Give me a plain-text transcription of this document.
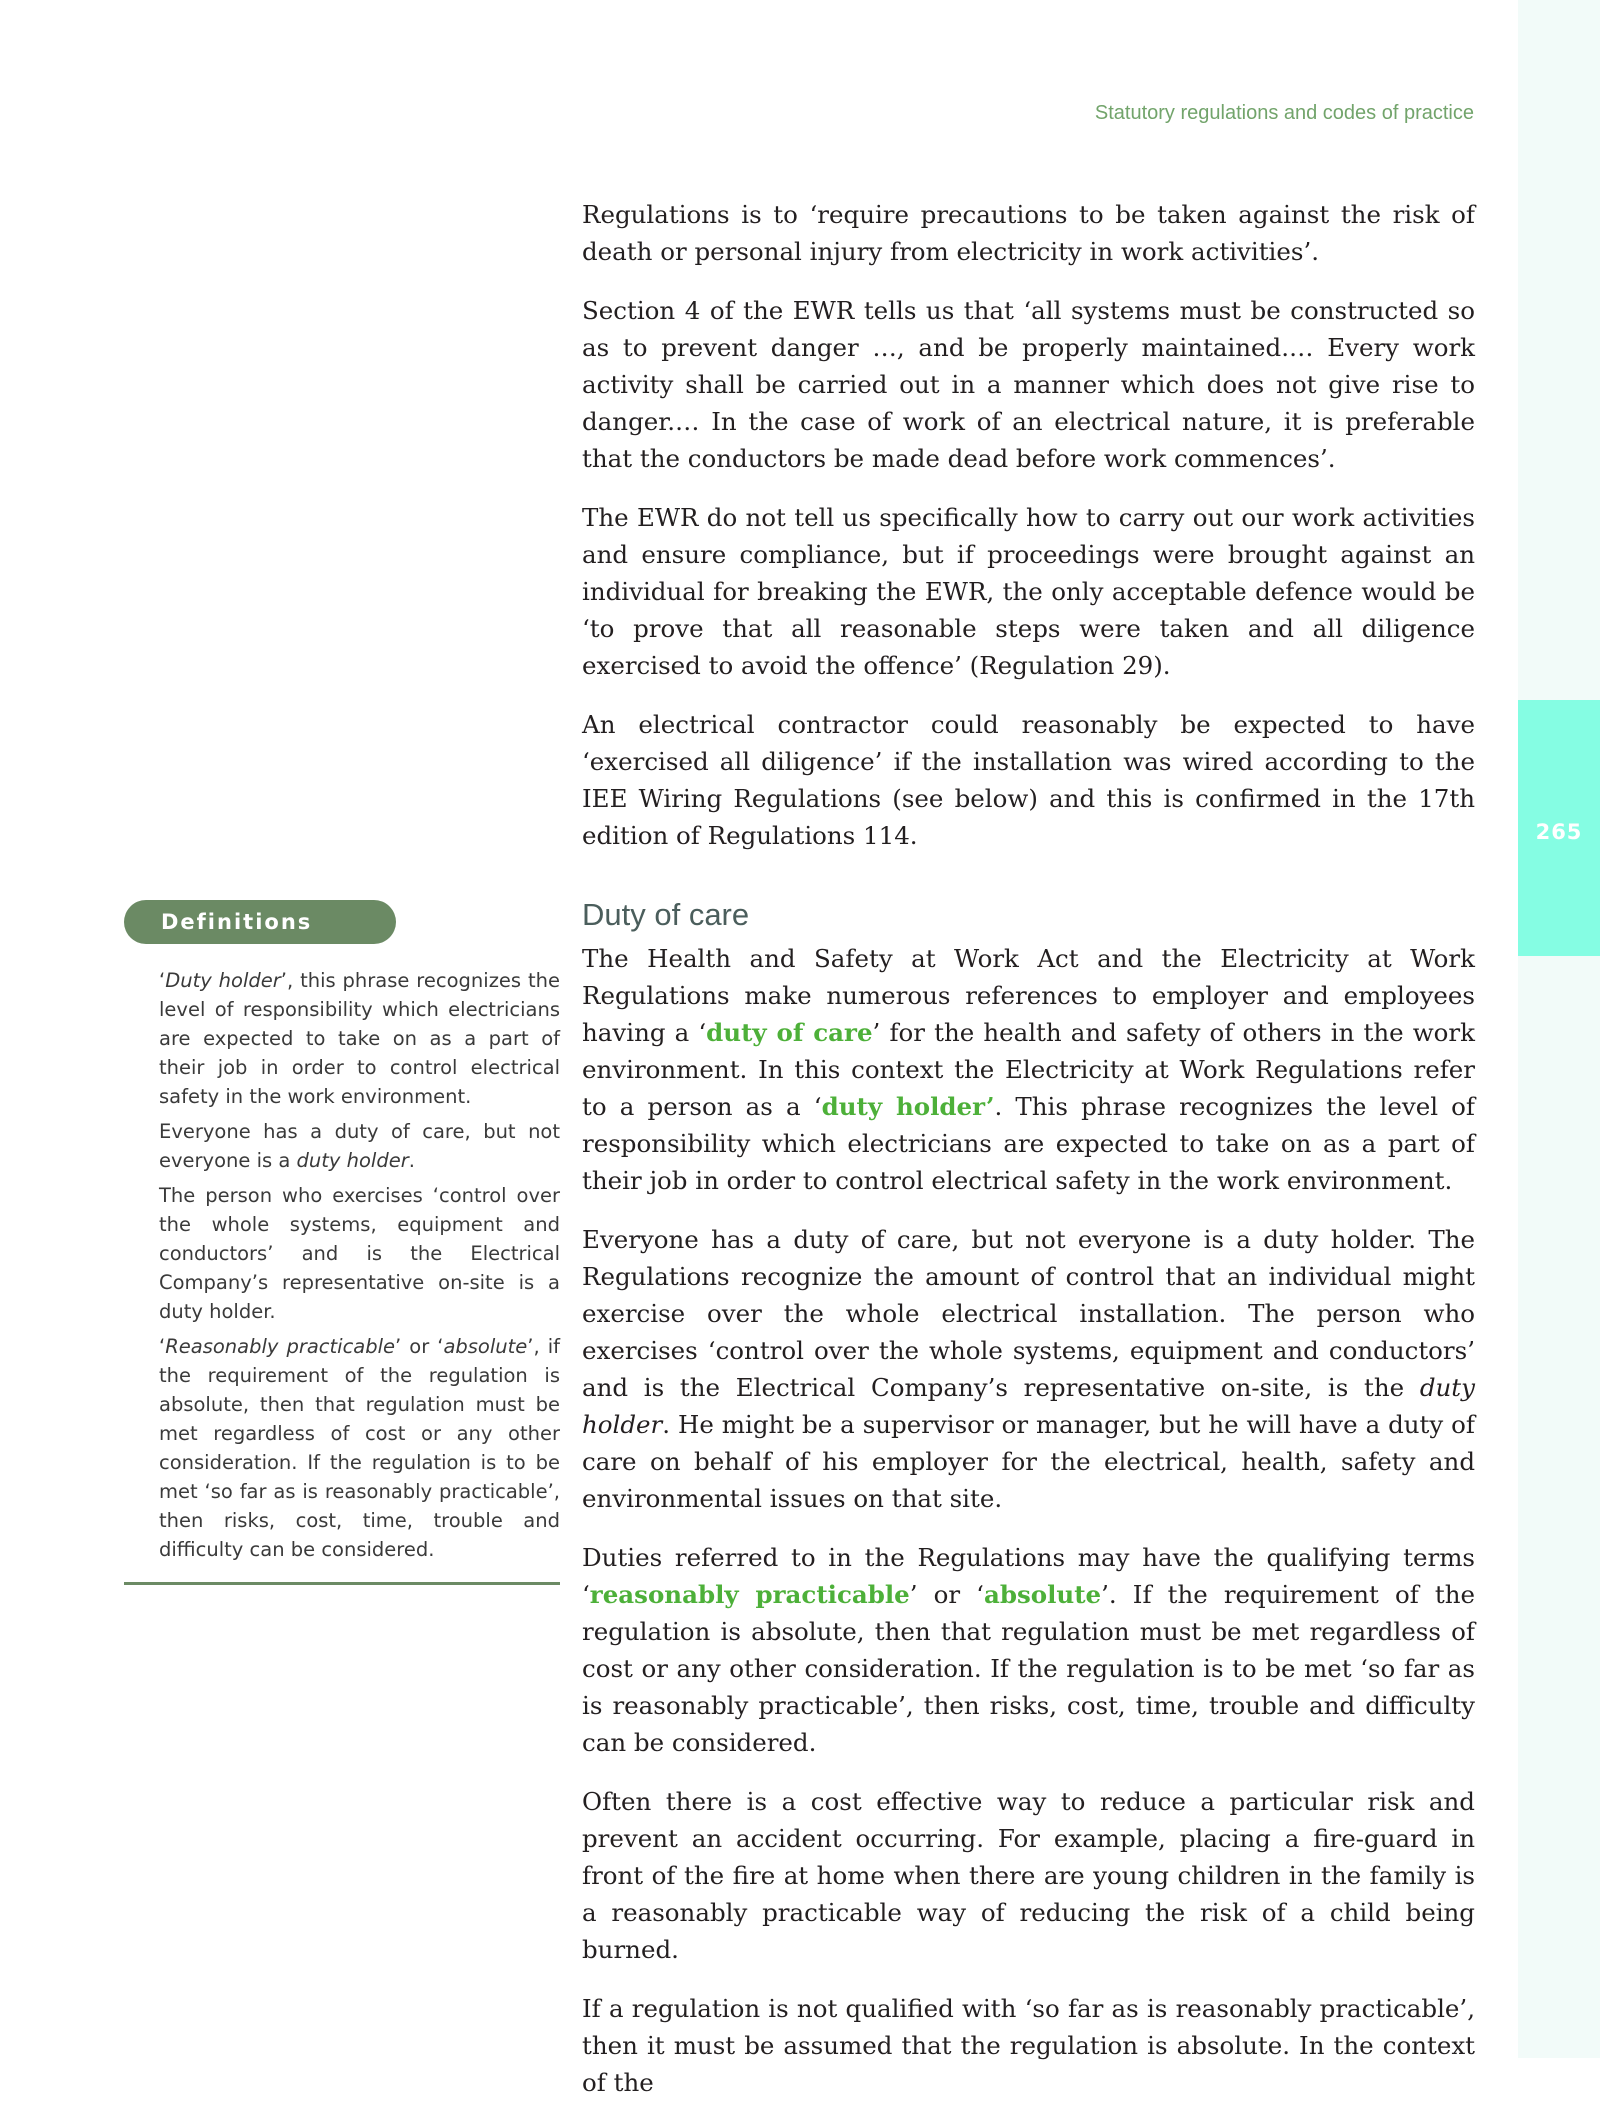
265
Statutory regulations and codes of practice

Regulations is to ‘require precautions to be taken against the risk of death or personal injury from electricity in work activities’.

Section 4 of the EWR tells us that ‘all systems must be constructed so as to prevent danger …, and be properly maintained.… Every work activity shall be carried out in a manner which does not give rise to danger.… In the case of work of an electrical nature, it is preferable that the conductors be made dead before work commences’.

The EWR do not tell us specifically how to carry out our work activities and ensure compliance, but if proceedings were brought against an individual for breaking the EWR, the only acceptable defence would be ‘to prove that all reasonable steps were taken and all diligence exercised to avoid the offence’ (Regulation 29).

An electrical contractor could reasonably be expected to have ‘exercised all diligence’ if the installation was wired according to the IEE Wiring Regulations (see below) and this is confirmed in the 17th edition of Regulations 114.

Duty of care

The Health and Safety at Work Act and the Electricity at Work Regulations make numerous references to employer and employees having a ‘duty of care’ for the health and safety of others in the work environment. In this context the Electricity at Work Regulations refer to a person as a ‘duty holder’. This phrase recognizes the level of responsibility which electricians are expected to take on as a part of their job in order to control electrical safety in the work environment.

Everyone has a duty of care, but not everyone is a duty holder. The Regulations recognize the amount of control that an individual might exercise over the whole electrical installation. The person who exercises ‘control over the whole systems, equipment and conductors’ and is the Electrical Company’s representative on-site, is the duty holder. He might be a supervisor or manager, but he will have a duty of care on behalf of his employer for the electrical, health, safety and environmental issues on that site.

Duties referred to in the Regulations may have the qualifying terms ‘reasonably practicable’ or ‘absolute’. If the requirement of the regulation is absolute, then that regulation must be met regardless of cost or any other consideration. If the regulation is to be met ‘so far as is reasonably practicable’, then risks, cost, time, trouble and difficulty can be considered.

Often there is a cost effective way to reduce a particular risk and prevent an accident occurring. For example, placing a fire-guard in front of the fire at home when there are young children in the family is a reasonably practicable way of reducing the risk of a child being burned.

If a regulation is not qualified with ‘so far as is reasonably practicable’, then it must be assumed that the regulation is absolute. In the context of the

Definitions

‘Duty holder’, this phrase recognizes the level of responsibility which electricians are expected to take on as a part of their job in order to control electrical safety in the work environment.

Everyone has a duty of care, but not everyone is a duty holder.

The person who exercises ‘control over the whole systems, equipment and conductors’ and is the Electrical Company’s representative on-site is a duty holder.

‘Reasonably practicable’ or ‘absolute’, if the requirement of the regulation is absolute, then that regulation must be met regardless of cost or any other consideration. If the regulation is to be met ‘so far as is reasonably practicable’, then risks, cost, time, trouble and difficulty can be considered.
